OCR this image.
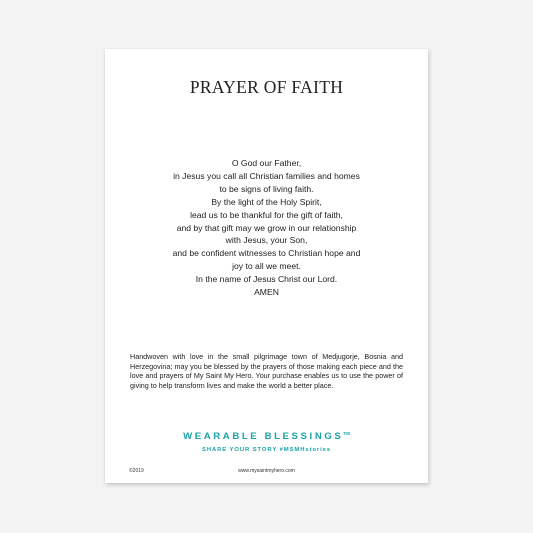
PRAYER OF FAITH
O God our Father,
in Jesus you call all Christian families and homes
to be signs of living faith.
By the light of the Holy Spirit,
lead us to be thankful for the gift of faith,
and by that gift may we grow in our relationship
with Jesus, your Son,
and be confident witnesses to Christian hope and
joy to all we meet.
In the name of Jesus Christ our Lord.
AMEN
Handwoven with love in the small pilgrimage town of Medjugorje, Bosnia and Herzegovina; may you be blessed by the prayers of those making each piece and the love and prayers of My Saint My Hero. Your purchase enables us to use the power of giving to help transform lives and make the world a better place.
WEARABLE BLESSINGS™
SHARE YOUR STORY #MSMHstories
©2019	www.mysaintmyhero.com
